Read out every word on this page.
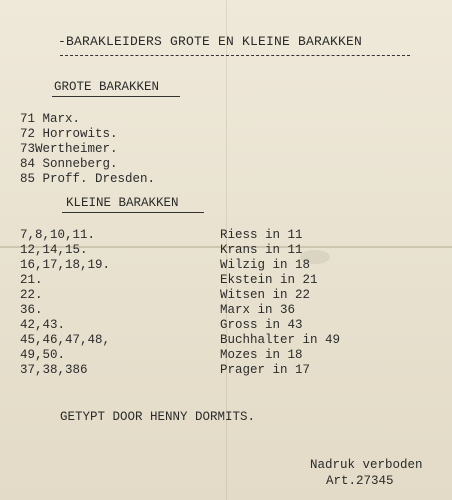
-BARAKLEIDERS GROTE EN KLEINE BARAKKEN
GROTE BARAKKEN
71 Marx.
72 Horrowits.
73Wertheimer.
84 Sonneberg.
85 Proff. Dresden.
KLEINE BARAKKEN
7,8,10,11.	Riess in 11
12,14,15.	Krans in 11
16,17,18,19.	Wilzig in 18
21.	Ekstein in 21
22.	Witsen in 22
36.	Marx in 36
42,43.	Gross in 43
45,46,47,48,	Buchhalter in 49
49,50.	Mozes in 18
37,38,386	Prager in 17
GETYPT DOOR HENNY DORMITS.
Nadruk verboden
Art.27345
